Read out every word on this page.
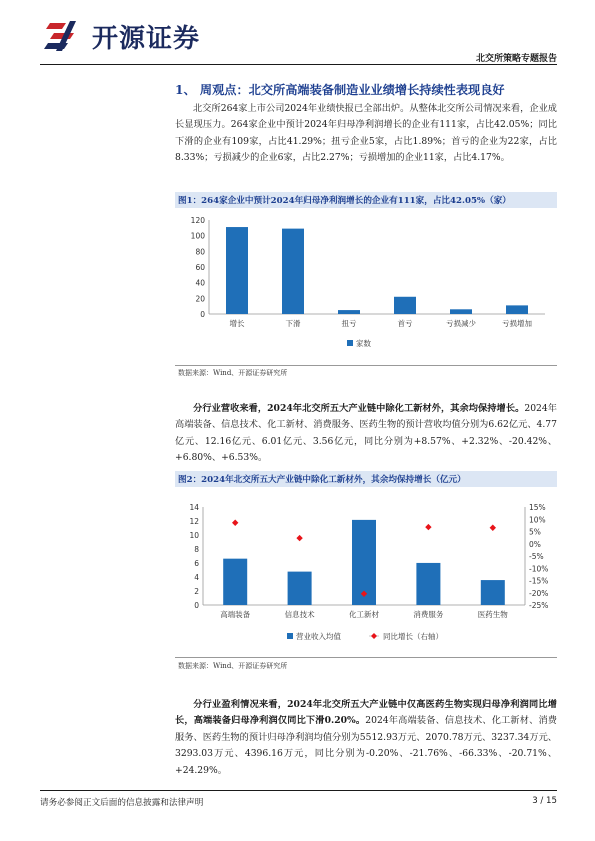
开源证券
北交所策略专题报告
1、 周观点：北交所高端装备制造业业绩增长持续性表现良好
北交所264家上市公司2024年业绩快报已全部出炉。从整体北交所公司情况来看，企业成长显现压力。264家企业中预计2024年归母净利润增长的企业有111家，占比42.05%；同比下滑的企业有109家，占比41.29%；扭亏企业5家，占比1.89%；首亏的企业为22家，占比8.33%；亏损减少的企业6家，占比2.27%；亏损增加的企业11家，占比4.17%。
图1：264家企业中预计2024年归母净利润增长的企业有111家，占比42.05%（家）
0
20
40
60
80
100
120
增长	下滑	扭亏	首亏	亏损减少	亏损增加
家数
数据来源：Wind、开源证券研究所
分行业营收来看，2024年北交所五大产业链中除化工新材外，其余均保持增长。2024年高端装备、信息技术、化工新材、消费服务、医药生物的预计营收均值分别为6.62亿元、4.77亿元、12.16亿元、6.01亿元、3.56亿元，同比分别为+8.57%、+2.32%、-20.42%、+6.80%、+6.53%。
图2：2024年北交所五大产业链中除化工新材外，其余均保持增长（亿元）
0
2
4
6
8
10
12
14	15%
10%
5%
0%
-5%
-10%
-15%
-20%
-25%
高端装备	信息技术	化工新材	消费服务	医药生物
营业收入均值	同比增长（右轴）
数据来源：Wind、开源证券研究所
分行业盈利情况来看，2024年北交所五大产业链中仅高医药生物实现归母净利润同比增长，高端装备归母净利润仅同比下滑0.20%。2024年高端装备、信息技术、化工新材、消费服务、医药生物的预计归母净利润均值分别为5512.93万元、2070.78万元、3237.34万元、3293.03万元、4396.16万元，同比分别为-0.20%、-21.76%、-66.33%、-20.71%、+24.29%。
请务必参阅正文后面的信息披露和法律声明	3 / 15
